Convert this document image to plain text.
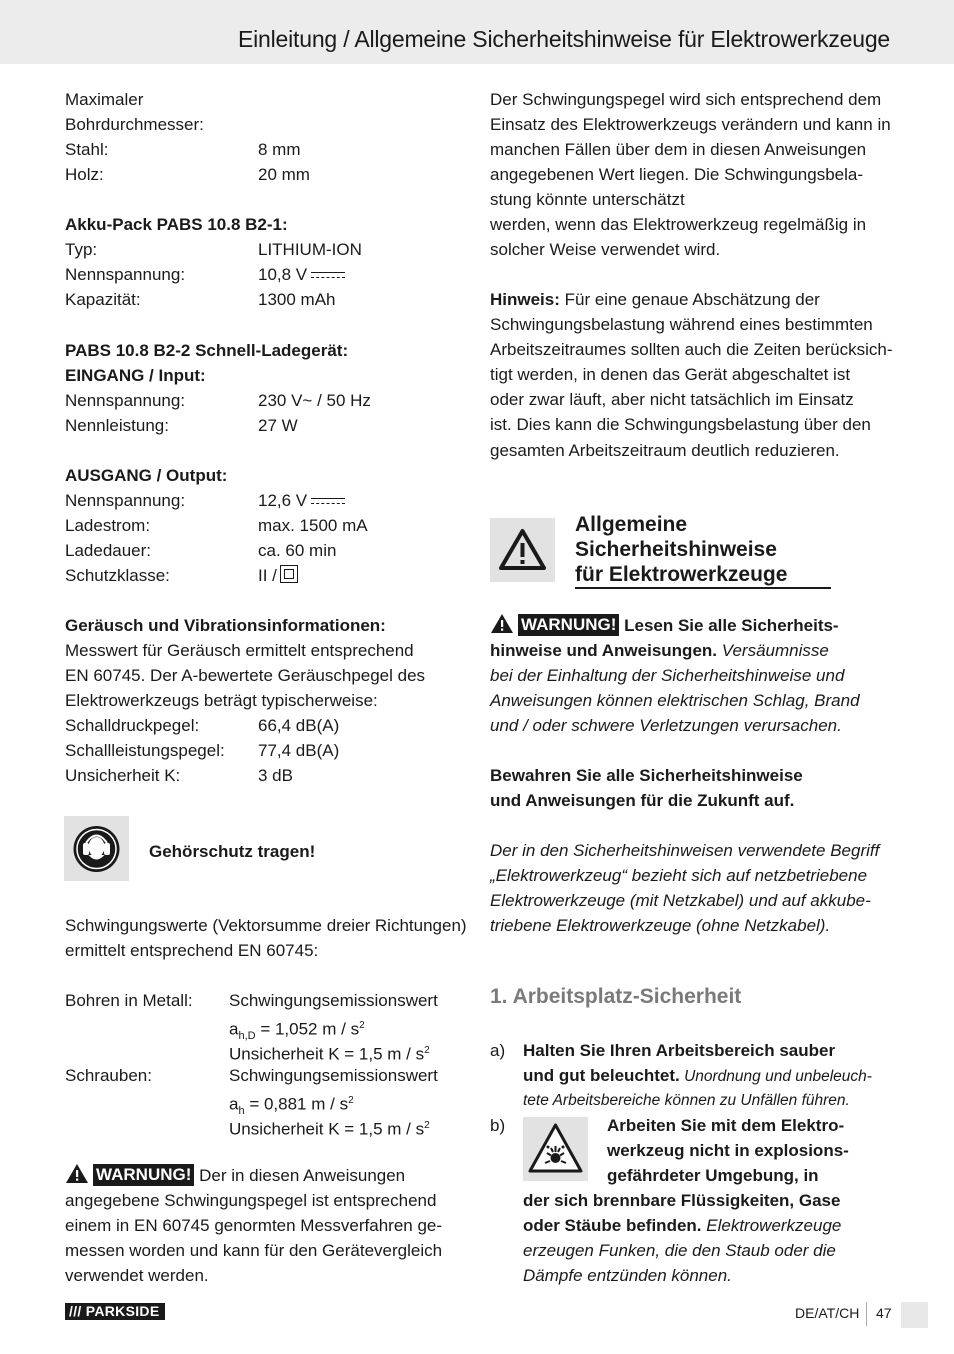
Einleitung / Allgemeine Sicherheitshinweise für Elektrowerkzeuge
Maximaler
Bohrdurchmesser:
Stahl:	8 mm
Holz:	20 mm
Akku-Pack PABS 10.8 B2-1:
Typ:	LITHIUM-ION
Nennspannung:	10,8 V
Kapazität:	1300 mAh
PABS 10.8 B2-2 Schnell-Ladegerät:
EINGANG / Input:
Nennspannung:	230 V~ / 50 Hz
Nennleistung:	27 W
AUSGANG / Output:
Nennspannung:	12,6 V
Ladestrom:	max. 1500 mA
Ladedauer:	ca. 60 min
Schutzklasse:	II /
Geräusch und Vibrationsinformationen:
Messwert für Geräusch ermittelt entsprechend
EN 60745. Der A-bewertete Geräuschpegel des
Elektrowerkzeugs beträgt typischerweise:
Schalldruckpegel:	66,4 dB(A)
Schallleistungspegel: 77,4 dB(A)
Unsicherheit K:	3 dB
Gehörschutz tragen!
Schwingungswerte (Vektorsumme dreier Richtungen)
ermittelt entsprechend EN 60745:
Bohren in Metall: Schwingungsemissionswert
$a_{h,D} = 1,052$ m / $s^2$
Unsicherheit K = 1,5 m / $s^2$
Schrauben:	Schwingungsemissionswert
$a_h = 0,881$ m / $s^2$
Unsicherheit K = 1,5 m / $s^2$
WARNUNG! Der in diesen Anweisungen
angegebene Schwingungspegel ist entsprechend
einem in EN 60745 genormten Messverfahren ge-
messen worden und kann für den Gerätevergleich
verwendet werden.
Der Schwingungspegel wird sich entsprechend dem
Einsatz des Elektrowerkzeugs verändern und kann in
manchen Fällen über dem in diesen Anweisungen
angegebenen Wert liegen. Die Schwingungsbela-
stung könnte unterschätzt
werden, wenn das Elektrowerkzeug regelmäßig in
solcher Weise verwendet wird.
Hinweis: Für eine genaue Abschätzung der
Schwingungsbelastung während eines bestimmten
Arbeitszeitraumes sollten auch die Zeiten berücksich-
tigt werden, in denen das Gerät abgeschaltet ist
oder zwar läuft, aber nicht tatsächlich im Einsatz
ist. Dies kann die Schwingungsbelastung über den
gesamten Arbeitszeitraum deutlich reduzieren.
Allgemeine
Sicherheitshinweise
für Elektrowerkzeuge
WARNUNG! Lesen Sie alle Sicherheits-
hinweise und Anweisungen. Versäumnisse
bei der Einhaltung der Sicherheitshinweise und
Anweisungen können elektrischen Schlag, Brand
und / oder schwere Verletzungen verursachen.
Bewahren Sie alle Sicherheitshinweise
und Anweisungen für die Zukunft auf.
Der in den Sicherheitshinweisen verwendete Begriff
„Elektrowerkzeug“ bezieht sich auf netzbetriebene
Elektrowerkzeuge (mit Netzkabel) und auf akkube-
triebene Elektrowerkzeuge (ohne Netzkabel).
1. Arbeitsplatz-Sicherheit
a) Halten Sie Ihren Arbeitsbereich sauber
und gut beleuchtet. Unordnung und unbeleuch-
tete Arbeitsbereiche können zu Unfällen führen.
b)	Arbeiten Sie mit dem Elektro-
werkzeug nicht in explosions-
gefährdeter Umgebung, in
der sich brennbare Flüssigkeiten, Gase
oder Stäube befinden. Elektrowerkzeuge
erzeugen Funken, die den Staub oder die
Dämpfe entzünden können.
/// PARKSIDE	DE/AT/CH 47
